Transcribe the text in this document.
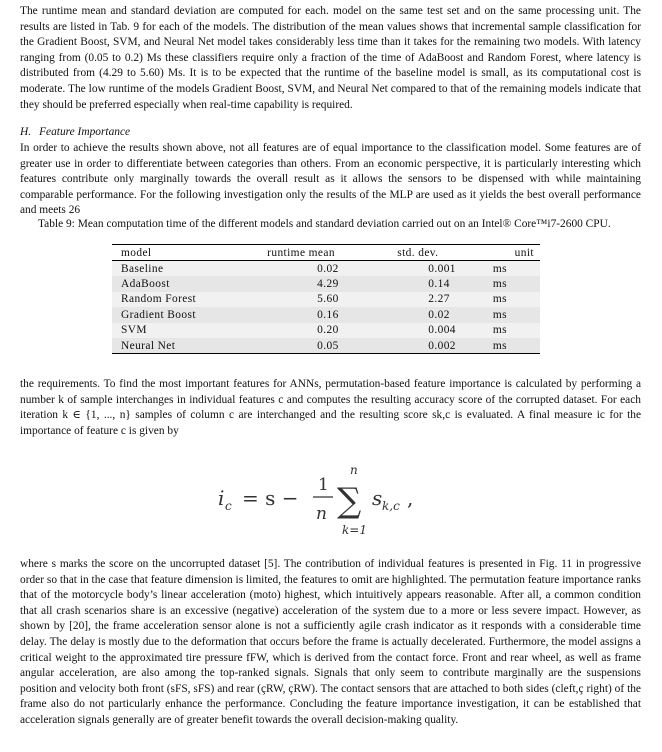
The runtime mean and standard deviation are computed for each. model on the same test set and on the same processing unit. The results are listed in Tab. 9 for each of the models. The distribution of the mean values shows that incremental sample classification for the Gradient Boost, SVM, and Neural Net model takes considerably less time than it takes for the remaining two models. With latency ranging from (0.05 to 0.2) Ms these classifiers require only a fraction of the time of AdaBoost and Random Forest, where latency is distributed from (4.29 to 5.60) Ms. It is to be expected that the runtime of the baseline model is small, as its computational cost is moderate. The low runtime of the models Gradient Boost, SVM, and Neural Net compared to that of the remaining models indicate that they should be preferred especially when real-time capability is required.

H. Feature Importance

In order to achieve the results shown above, not all features are of equal importance to the classification model. Some features are of greater use in order to differentiate between categories than others. From an economic perspective, it is particularly interesting which features contribute only marginally towards the overall result as it allows the sensors to be dispensed with while maintaining comparable performance. For the following investigation only the results of the MLP are used as it yields the best overall performance and meets 26

Table 9: Mean computation time of the different models and standard deviation carried out on an Intel® Core™i7-2600 CPU.

model	runtime mean	std. dev.	unit
Baseline	0.02	0.001	ms
AdaBoost	4.29	0.14	ms
Random Forest	5.60	2.27	ms
Gradient Boost	0.16	0.02	ms
SVM	0.20	0.004	ms
Neural Net	0.05	0.002	ms

the requirements. To find the most important features for ANNs, permutation-based feature importance is calculated by performing a number k of sample interchanges in individual features c and computes the resulting accuracy score of the corrupted dataset. For each iteration k ∈ {1, ..., n} samples of column c are interchanged and the resulting score sk,c is evaluated. A final measure ic for the importance of feature c is given by

i c = s −
1
n
n
∑
k=1
s k,c ,

where s marks the score on the uncorrupted dataset [5]. The contribution of individual features is presented in Fig. 11 in progressive order so that in the case that feature dimension is limited, the features to omit are highlighted. The permutation feature importance ranks that of the motorcycle body’s linear acceleration (moto) highest, which intuitively appears reasonable. After all, a common condition that all crash scenarios share is an excessive (negative) acceleration of the system due to a more or less severe impact. However, as shown by [20], the frame acceleration sensor alone is not a sufficiently agile crash indicator as it responds with a considerable time delay. The delay is mostly due to the deformation that occurs before the frame is actually decelerated. Furthermore, the model assigns a critical weight to the approximated tire pressure fFW, which is derived from the contact force. Front and rear wheel, as well as frame angular acceleration, are also among the top-ranked signals. Signals that only seem to contribute marginally are the suspensions position and velocity both front (sFS, sFS) and rear (çRW, çRW). The contact sensors that are attached to both sides (cleft,ç right) of the frame also do not particularly enhance the performance. Concluding the feature importance investigation, it can be established that acceleration signals generally are of greater benefit towards the overall decision-making quality.
